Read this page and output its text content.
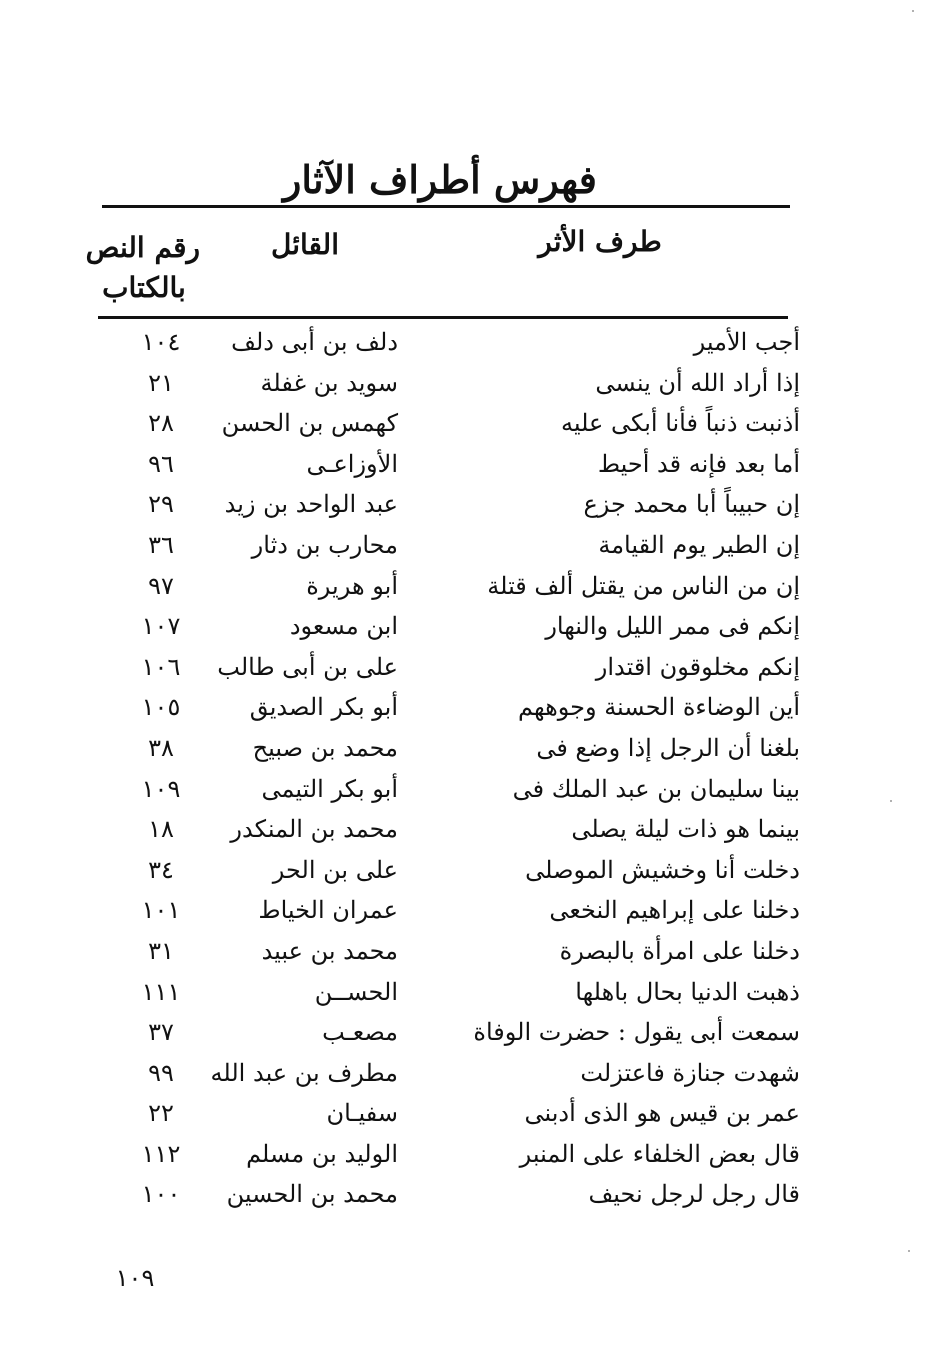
فهرس أطراف الآثار
طرف الأثر
القائل
رقم النص
بالكتاب
أجب الأمير
دلف بن أبى دلف
١٠٤
إذا أراد الله أن ينسى
سويد بن غفلة
٢١
أذنبت ذنباً فأنا أبكى عليه
كهمس بن الحسن
٢٨
أما بعد فإنه قد أحيط
الأوزاعـى
٩٦
إن حبيباً أبا محمد جزع
عبد الواحد بن زيد
٢٩
إن الطير يوم القيامة
محارب بن دثار
٣٦
إن من الناس من يقتل ألف قتلة
أبو هريرة
٩٧
إنكم فى ممر الليل والنهار
ابن مسعود
١٠٧
إنكم مخلوقون اقتدار
على بن أبى طالب
١٠٦
أين الوضاءة الحسنة وجوههم
أبو بكر الصديق
١٠٥
بلغنا أن الرجل إذا وضع فى
محمد بن صبيح
٣٨
بينا سليمان بن عبد الملك فى
أبو بكر التيمى
١٠٩
بينما هو ذات ليلة يصلى
محمد بن المنكدر
١٨
دخلت أنا وخشيش الموصلى
على بن الحر
٣٤
دخلنا على إبراهيم النخعى
عمران الخياط
١٠١
دخلنا على امرأة بالبصرة
محمد بن عبيد
٣١
ذهبت الدنيا بحال باهلها
الحســن
١١١
سمعت أبى يقول : حضرت الوفاة
مصعـب
٣٧
شهدت جنازة فاعتزلت
مطرف بن عبد الله
٩٩
عمر بن قيس هو الذى أدبنى
سفيـان
٢٢
قال بعض الخلفاء على المنبر
الوليد بن مسلم
١١٢
قال رجل لرجل نحيف
محمد بن الحسين
١٠٠
١٠٩
